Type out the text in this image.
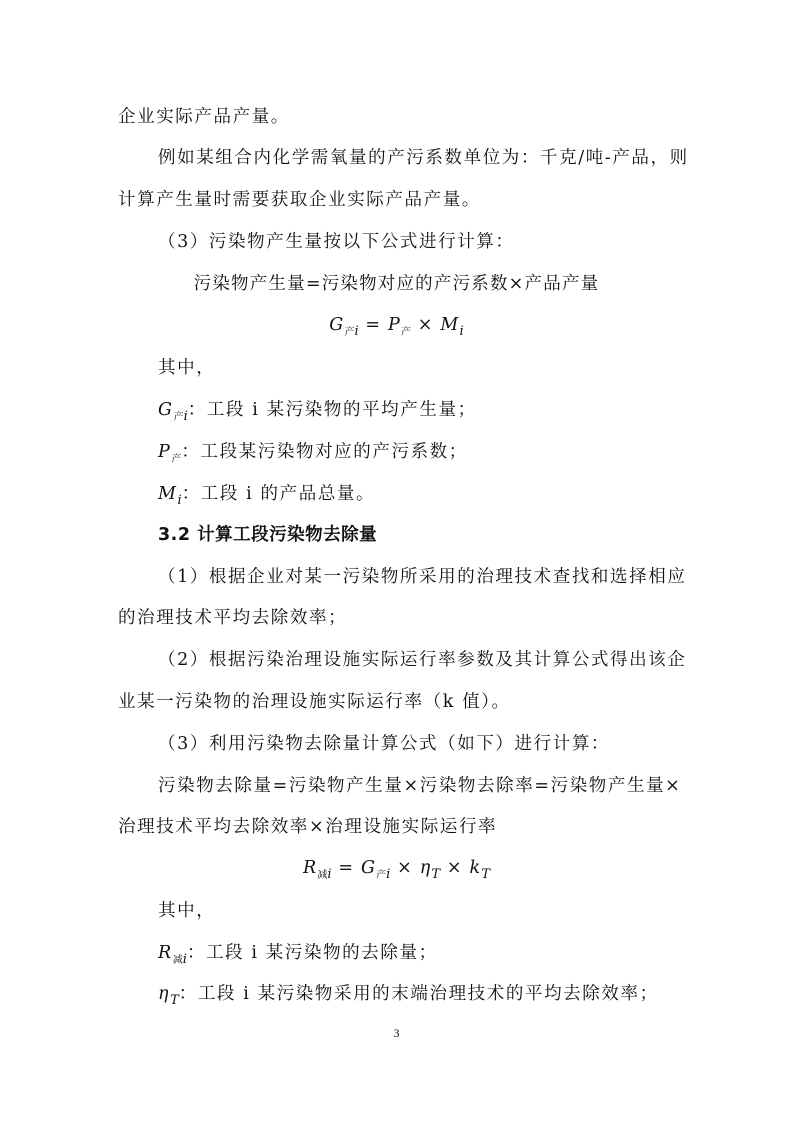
企业实际产品产量。
例如某组合内化学需氧量的产污系数单位为：千克/吨-产品，则
计算产生量时需要获取企业实际产品产量。
（3）污染物产生量按以下公式进行计算：
污染物产生量=污染物对应的产污系数×产品产量
$G_{产i} = P_产 \times M_i$
其中，
$G_{产i}$：工段 i 某污染物的平均产生量；
$P_产$：工段某污染物对应的产污系数；
$M_i$：工段 i 的产品总量。
3.2 计算工段污染物去除量
（1）根据企业对某一污染物所采用的治理技术查找和选择相应
的治理技术平均去除效率；
（2）根据污染治理设施实际运行率参数及其计算公式得出该企
业某一污染物的治理设施实际运行率（k 值）。
（3）利用污染物去除量计算公式（如下）进行计算：
污染物去除量=污染物产生量×污染物去除率=污染物产生量×
治理技术平均去除效率×治理设施实际运行率
$R_{减i} = G_{产i} \times \eta_T \times k_T$
其中，
$R_{减i}$：工段 i 某污染物的去除量；
$\eta_T$：工段 i 某污染物采用的末端治理技术的平均去除效率；
3
